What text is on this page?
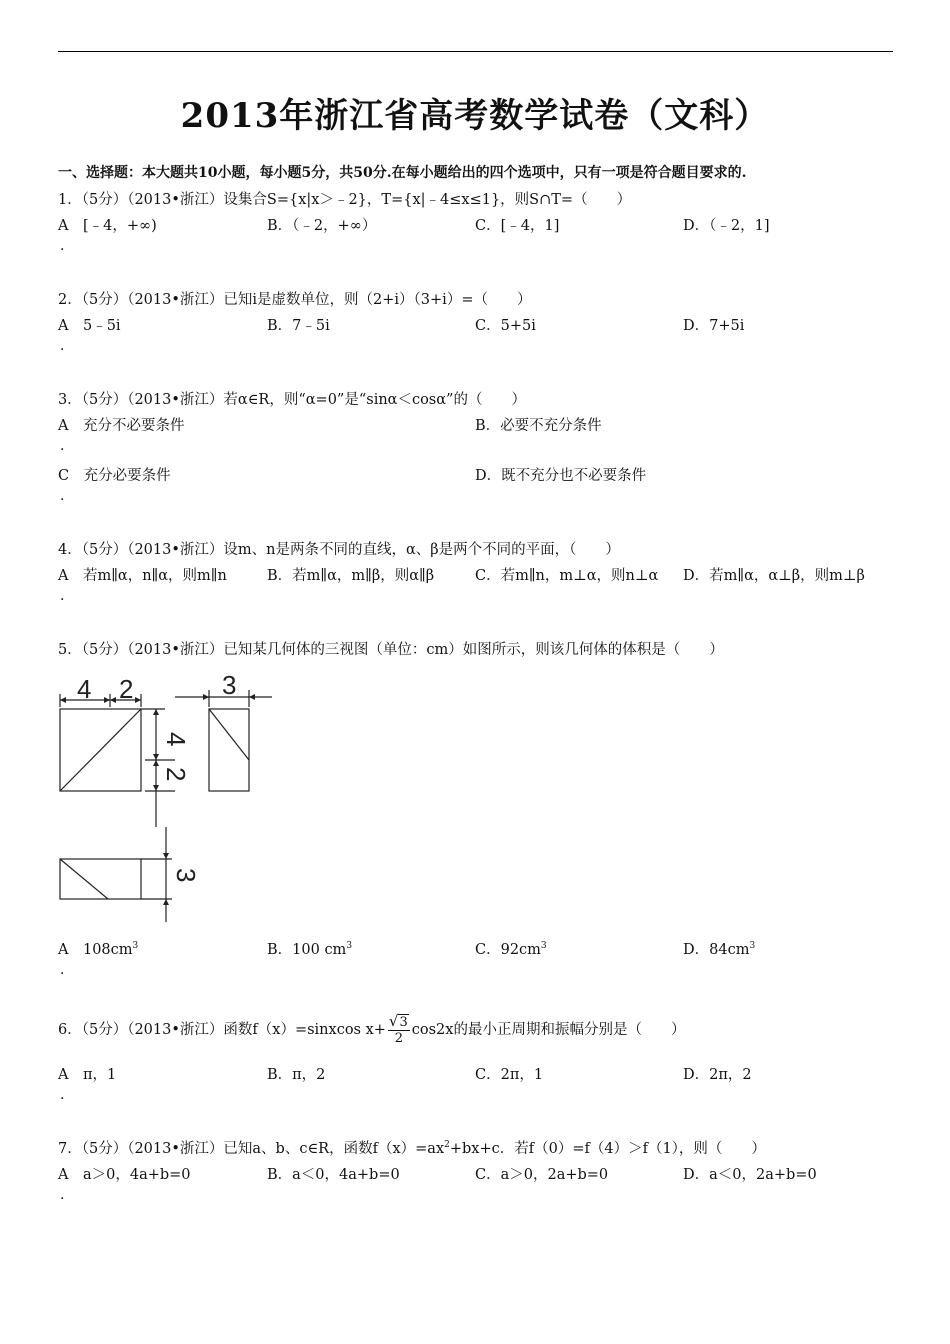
2013年浙江省高考数学试卷（文科）
一、选择题：本大题共10小题，每小题5分，共50分.在每小题给出的四个选项中，只有一项是符合题目要求的.
1．（5分）（2013•浙江）设集合S={x|x＞﹣2}，T={x|﹣4≤x≤1}，则S∩T=（　　）
A　[﹣4，+∞)	B．（﹣2，+∞）	C．[﹣4，1]	D．（﹣2，1]
.
2．（5分）（2013•浙江）已知i是虚数单位，则（2+i）（3+i）=（　　）
A　5﹣5i	B．7﹣5i	C．5+5i	D．7+5i
.
3．（5分）（2013•浙江）若α∈R，则“α=0”是“sinα＜cosα”的（　　）
A　充分不必要条件	B．必要不充分条件
.
C　充分必要条件	D．既不充分也不必要条件
.
4．（5分）（2013•浙江）设m、n是两条不同的直线，α、β是两个不同的平面，（　　）
A　若m∥α，n∥α，则m∥n	B．若m∥α，m∥β，则α∥β	C．若m∥n，m⊥α，则n⊥α D．若m∥α，α⊥β，则m⊥β
.
5．（5分）（2013•浙江）已知某几何体的三视图（单位：cm）如图所示，则该几何体的体积是（　　）
4 2	3
4
2
3
A　$108cm^3$	B．100 $cm^3$	C．$92cm^3$	D．$84cm^3$
.
6．（5分）（2013•浙江）函数f（x）=sinxcos $x+ \frac{√3}{2} \cos 2x$的最小正周期和振幅分别是（　　）
A　π，1	B．π，2	C．2π，1	D．2π，2
.
7．（5分）（2013•浙江）已知a、b、c∈R，函数$f(x)=ax^2+bx+c$．若f（0）=f（4）＞f（1），则（　　）
A　a＞0，4a+b=0	B．a＜0，4a+b=0	C．a＞0，2a+b=0	D．a＜0，2a+b=0
.
